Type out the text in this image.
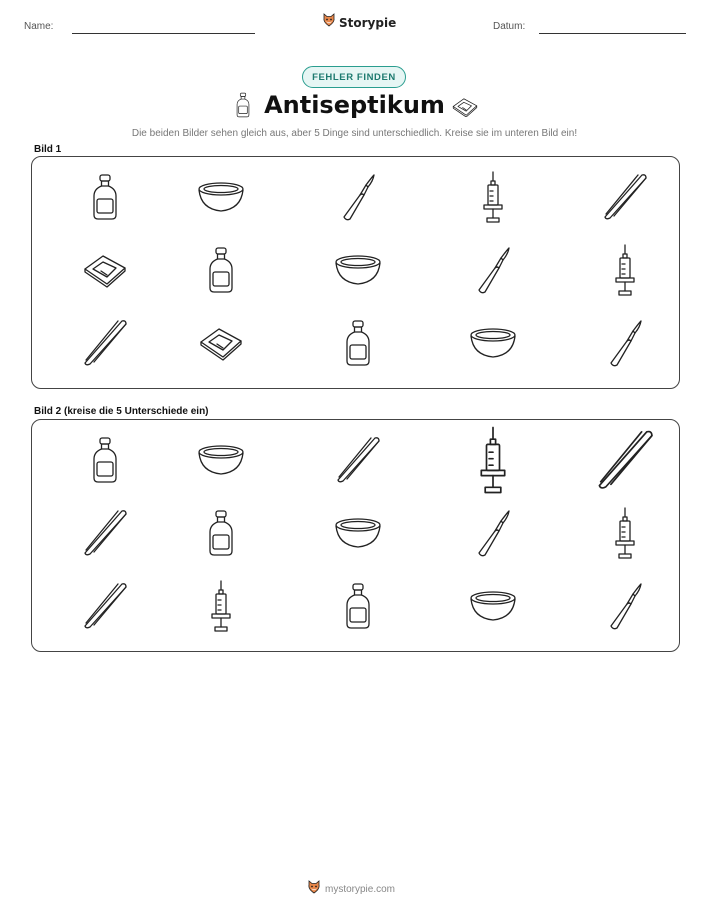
Name:	Storypie	Datum:
FEHLER FINDEN
Antiseptikum
Die beiden Bilder sehen gleich aus, aber 5 Dinge sind unterschiedlich. Kreise sie im unteren Bild ein!
Bild 1
Bild 2 (kreise die 5 Unterschiede ein)
mystorypie.com
